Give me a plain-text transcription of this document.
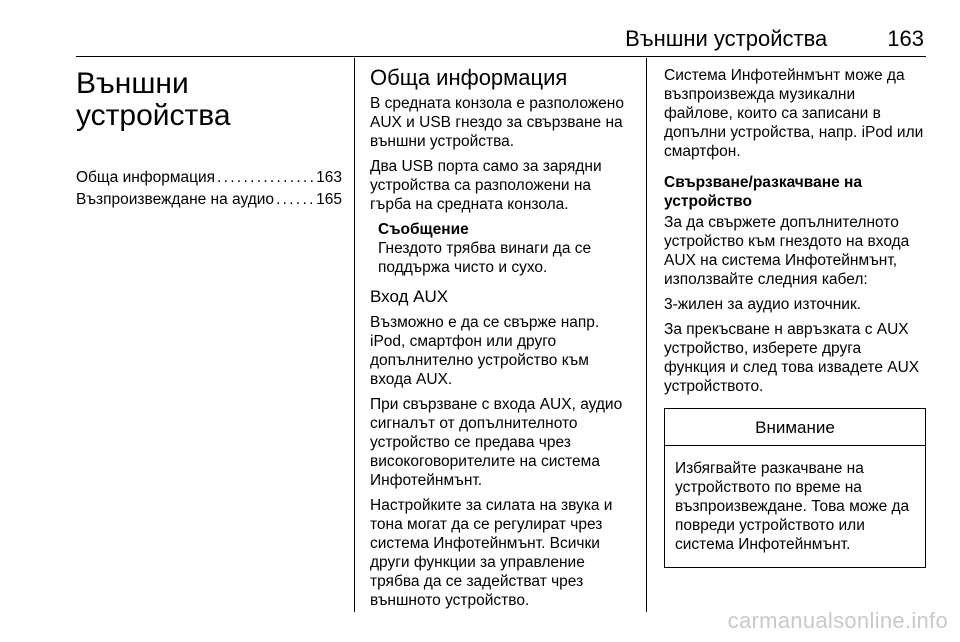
Външни устройства	163
Външни
устройства
Обща информация . . .	163
Възпроизвеждане на аудио . . .	165
Обща информация

В средната конзола е разположено AUX и USB гнездо за свързване на външни устройства.

Два USB порта само за зарядни устройства са разположени на гърба на средната конзола.

Съобщение
Гнездото трябва винаги да се поддържа чисто и сухо.
Вход AUX

Възможно е да се свърже напр. iPod, смартфон или друго допълнително устройство към входа AUX.

При свързване с входа AUX, аудио сигналът от допълнителното устройство се предава чрез високоговорителите на система Инфотейнмънт.

Настройките за силата на звука и тона могат да се регулират чрез система Инфотейнмънт. Всички други функции за управление трябва да се задействат чрез външното устройство.

Система Инфотейнмънт може да възпроизвежда музикални файлове, които са записани в допълни устройства, напр. iPod или смартфон.

Свързване/разкачване на устройство

За да свържете допълнителното устройство към гнездото на входа AUX на система Инфотейнмънт, използвайте следния кабел:

3-жилен за аудио източник.

За прекъсване н авръзката с AUX устройство, изберете друга функция и след това извадете AUX устройството.

Внимание
Избягвайте разкачване на устройството по време на възпроизвеждане. Това може да повреди устройството или система Инфотейнмънт.
carmanualsonline.info
